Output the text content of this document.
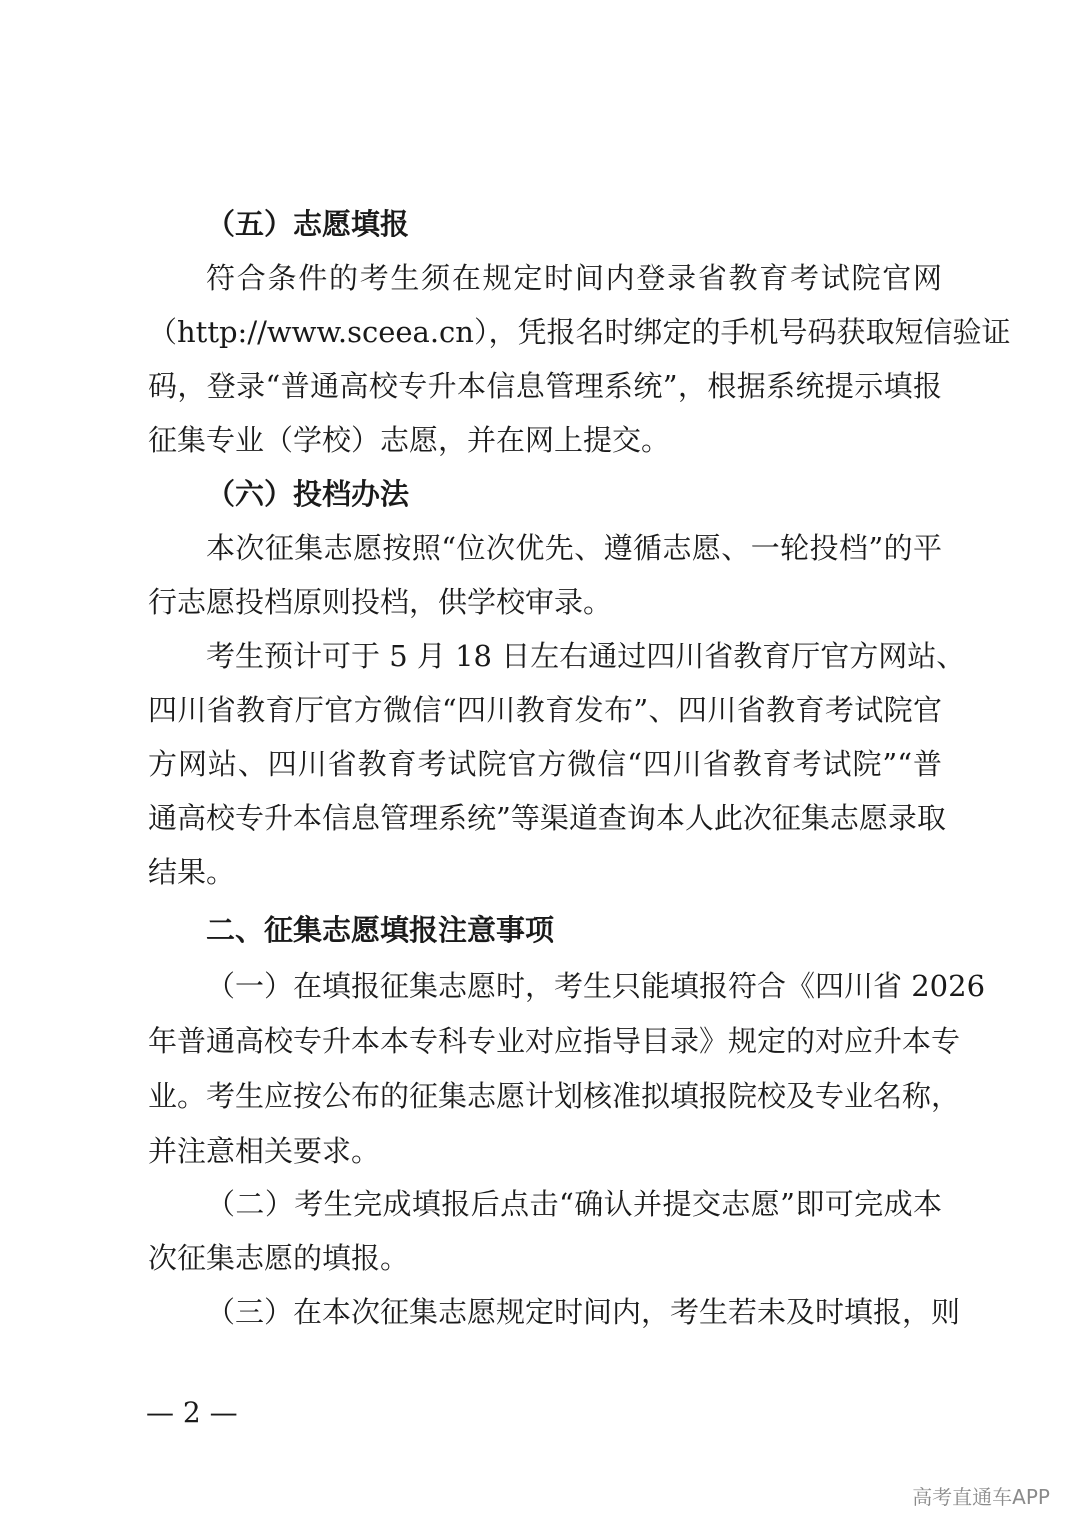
（五）志愿填报
符合条件的考生须在规定时间内登录省教育考试院官网
（http://www.sceea.cn），凭报名时绑定的手机号码获取短信验证
码，登录“普通高校专升本信息管理系统”，根据系统提示填报
征集专业（学校）志愿，并在网上提交。
（六）投档办法
本次征集志愿按照“位次优先、遵循志愿、一轮投档”的平
行志愿投档原则投档，供学校审录。
考生预计可于 5 月 18 日左右通过四川省教育厅官方网站、
四川省教育厅官方微信“四川教育发布”、四川省教育考试院官
方网站、四川省教育考试院官方微信“四川省教育考试院”“普
通高校专升本信息管理系统”等渠道查询本人此次征集志愿录取
结果。
二、征集志愿填报注意事项
（一）在填报征集志愿时，考生只能填报符合《四川省 2026
年普通高校专升本本专科专业对应指导目录》规定的对应升本专
业。考生应按公布的征集志愿计划核准拟填报院校及专业名称，
并注意相关要求。
（二）考生完成填报后点击“确认并提交志愿”即可完成本
次征集志愿的填报。
（三）在本次征集志愿规定时间内，考生若未及时填报，则
— 2 —
高考直通车APP
